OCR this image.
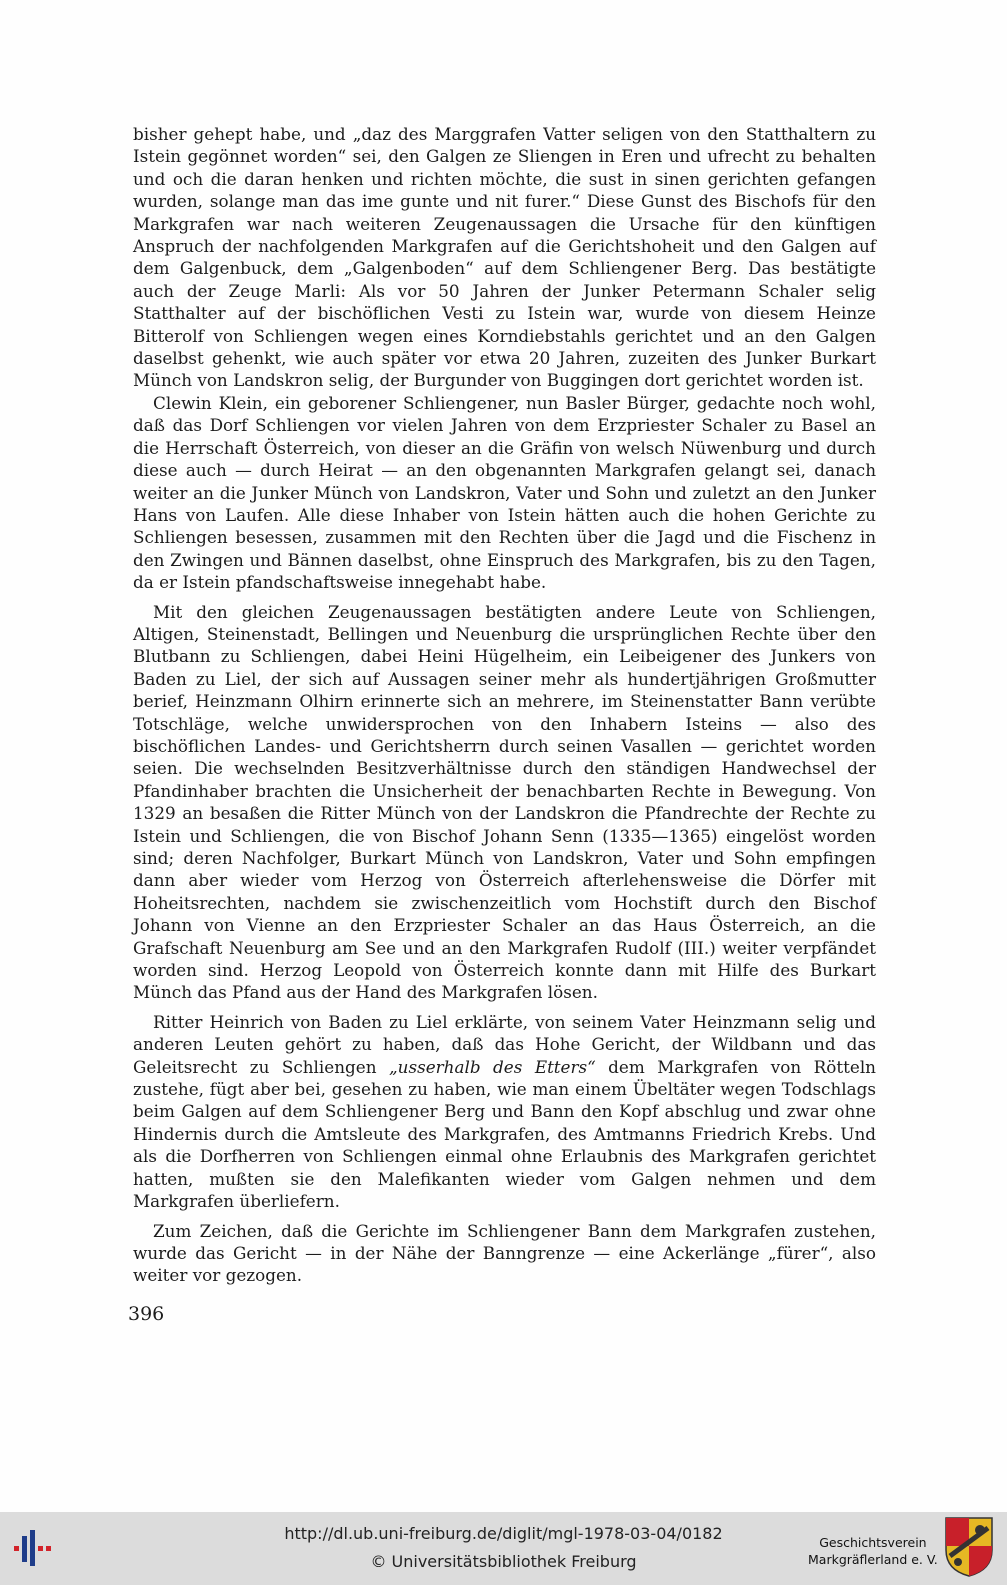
bisher gehept habe, und „daz des Marggrafen Vatter seligen von den Statthaltern zu Istein gegönnet worden“ sei, den Galgen ze Sliengen in Eren und ufrecht zu behalten und och die daran henken und richten möchte, die sust in sinen gerichten gefangen wurden, solange man das ime gunte und nit furer.“ Diese Gunst des Bischofs für den Markgrafen war nach weiteren Zeugenaussagen die Ursache für den künftigen Anspruch der nachfolgenden Markgrafen auf die Gerichtshoheit und den Galgen auf dem Galgenbuck, dem „Galgenboden“ auf dem Schliengener Berg. Das bestätigte auch der Zeuge Marli: Als vor 50 Jahren der Junker Petermann Schaler selig Statthalter auf der bischöflichen Vesti zu Istein war, wurde von diesem Heinze Bitterolf von Schliengen wegen eines Korndiebstahls gerichtet und an den Galgen daselbst gehenkt, wie auch später vor etwa 20 Jahren, zuzeiten des Junker Burkart Münch von Landskron selig, der Burgunder von Buggingen dort gerichtet worden ist.

Clewin Klein, ein geborener Schliengener, nun Basler Bürger, gedachte noch wohl, daß das Dorf Schliengen vor vielen Jahren von dem Erzpriester Schaler zu Basel an die Herrschaft Österreich, von dieser an die Gräfin von welsch Nüwenburg und durch diese auch — durch Heirat — an den obgenannten Markgrafen gelangt sei, danach weiter an die Junker Münch von Landskron, Vater und Sohn und zuletzt an den Junker Hans von Laufen. Alle diese Inhaber von Istein hätten auch die hohen Gerichte zu Schliengen besessen, zusammen mit den Rechten über die Jagd und die Fischenz in den Zwingen und Bännen daselbst, ohne Einspruch des Markgrafen, bis zu den Tagen, da er Istein pfandschaftsweise innegehabt habe.

Mit den gleichen Zeugenaussagen bestätigten andere Leute von Schliengen, Altigen, Steinenstadt, Bellingen und Neuenburg die ursprünglichen Rechte über den Blutbann zu Schliengen, dabei Heini Hügelheim, ein Leibeigener des Junkers von Baden zu Liel, der sich auf Aussagen seiner mehr als hundertjährigen Großmutter berief, Heinzmann Olhirn erinnerte sich an mehrere, im Steinenstatter Bann verübte Totschläge, welche unwidersprochen von den Inhabern Isteins — also des bischöflichen Landes- und Gerichtsherrn durch seinen Vasallen — gerichtet worden seien. Die wechselnden Besitzverhältnisse durch den ständigen Handwechsel der Pfandinhaber brachten die Unsicherheit der benachbarten Rechte in Bewegung. Von 1329 an besaßen die Ritter Münch von der Landskron die Pfandrechte der Rechte zu Istein und Schliengen, die von Bischof Johann Senn (1335—1365) eingelöst worden sind; deren Nachfolger, Burkart Münch von Landskron, Vater und Sohn empfingen dann aber wieder vom Herzog von Österreich afterlehensweise die Dörfer mit Hoheitsrechten, nachdem sie zwischenzeitlich vom Hochstift durch den Bischof Johann von Vienne an den Erzpriester Schaler an das Haus Österreich, an die Grafschaft Neuenburg am See und an den Markgrafen Rudolf (III.) weiter verpfändet worden sind. Herzog Leopold von Österreich konnte dann mit Hilfe des Burkart Münch das Pfand aus der Hand des Markgrafen lösen.

Ritter Heinrich von Baden zu Liel erklärte, von seinem Vater Heinzmann selig und anderen Leuten gehört zu haben, daß das Hohe Gericht, der Wildbann und das Geleitsrecht zu Schliengen „usserhalb des Etters“ dem Markgrafen von Rötteln zustehe, fügt aber bei, gesehen zu haben, wie man einem Übeltäter wegen Todschlags beim Galgen auf dem Schliengener Berg und Bann den Kopf abschlug und zwar ohne Hindernis durch die Amtsleute des Markgrafen, des Amtmanns Friedrich Krebs. Und als die Dorfherren von Schliengen einmal ohne Erlaubnis des Markgrafen gerichtet hatten, mußten sie den Malefikanten wieder vom Galgen nehmen und dem Markgrafen überliefern.

Zum Zeichen, daß die Gerichte im Schliengener Bann dem Markgrafen zustehen, wurde das Gericht — in der Nähe der Banngrenze — eine Ackerlänge „fürer“, also weiter vor gezogen.

396
http://dl.ub.uni-freiburg.de/diglit/mgl-1978-03-04/0182
© Universitätsbibliothek Freiburg
Geschichtsverein
Markgräflerland e. V.
